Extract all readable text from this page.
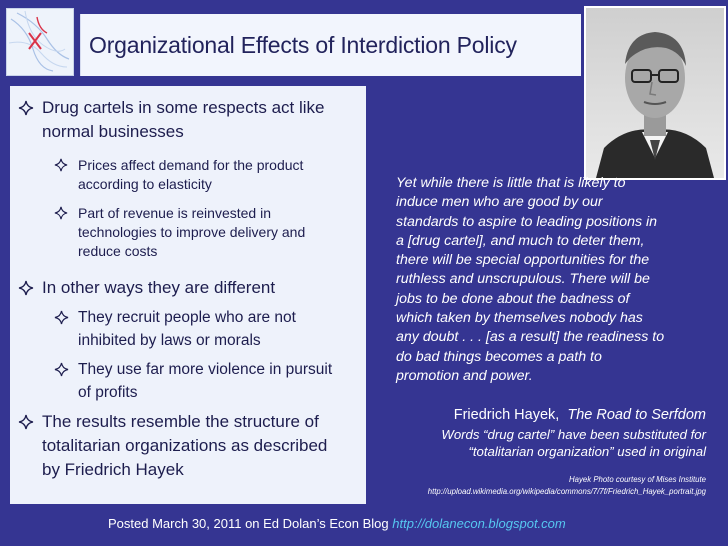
Organizational Effects of Interdiction Policy
Drug cartels in some respects act like
normal businesses
Prices affect demand for the product
according to elasticity
Part of revenue is reinvested in
technologies to improve delivery and
reduce costs
In other ways they are different
They recruit people who are not
inhibited by laws or morals
They use far more violence in pursuit
of profits
The results resemble the structure of
totalitarian organizations as described
by Friedrich Hayek
Yet while there is little that is likely to
induce men who are good by our
standards to aspire to leading positions in
a [drug cartel], and much to deter them,
there will be special opportunities for the
ruthless and unscrupulous. There will be
jobs to be done about the badness of
which taken by themselves nobody has
any doubt . . . [as a result] the readiness to
do bad things becomes a path to
promotion and power.
Friedrich Hayek, The Road to Serfdom
Words “drug cartel” have been substituted for
“totalitarian organization” used in original
Hayek Photo courtesy of Mises Institute
http://upload.wikimedia.org/wikipedia/commons/7/7f/Friedrich_Hayek_portrait.jpg
Posted March 30, 2011 on Ed Dolan’s Econ Blog http://dolanecon.blogspot.com
